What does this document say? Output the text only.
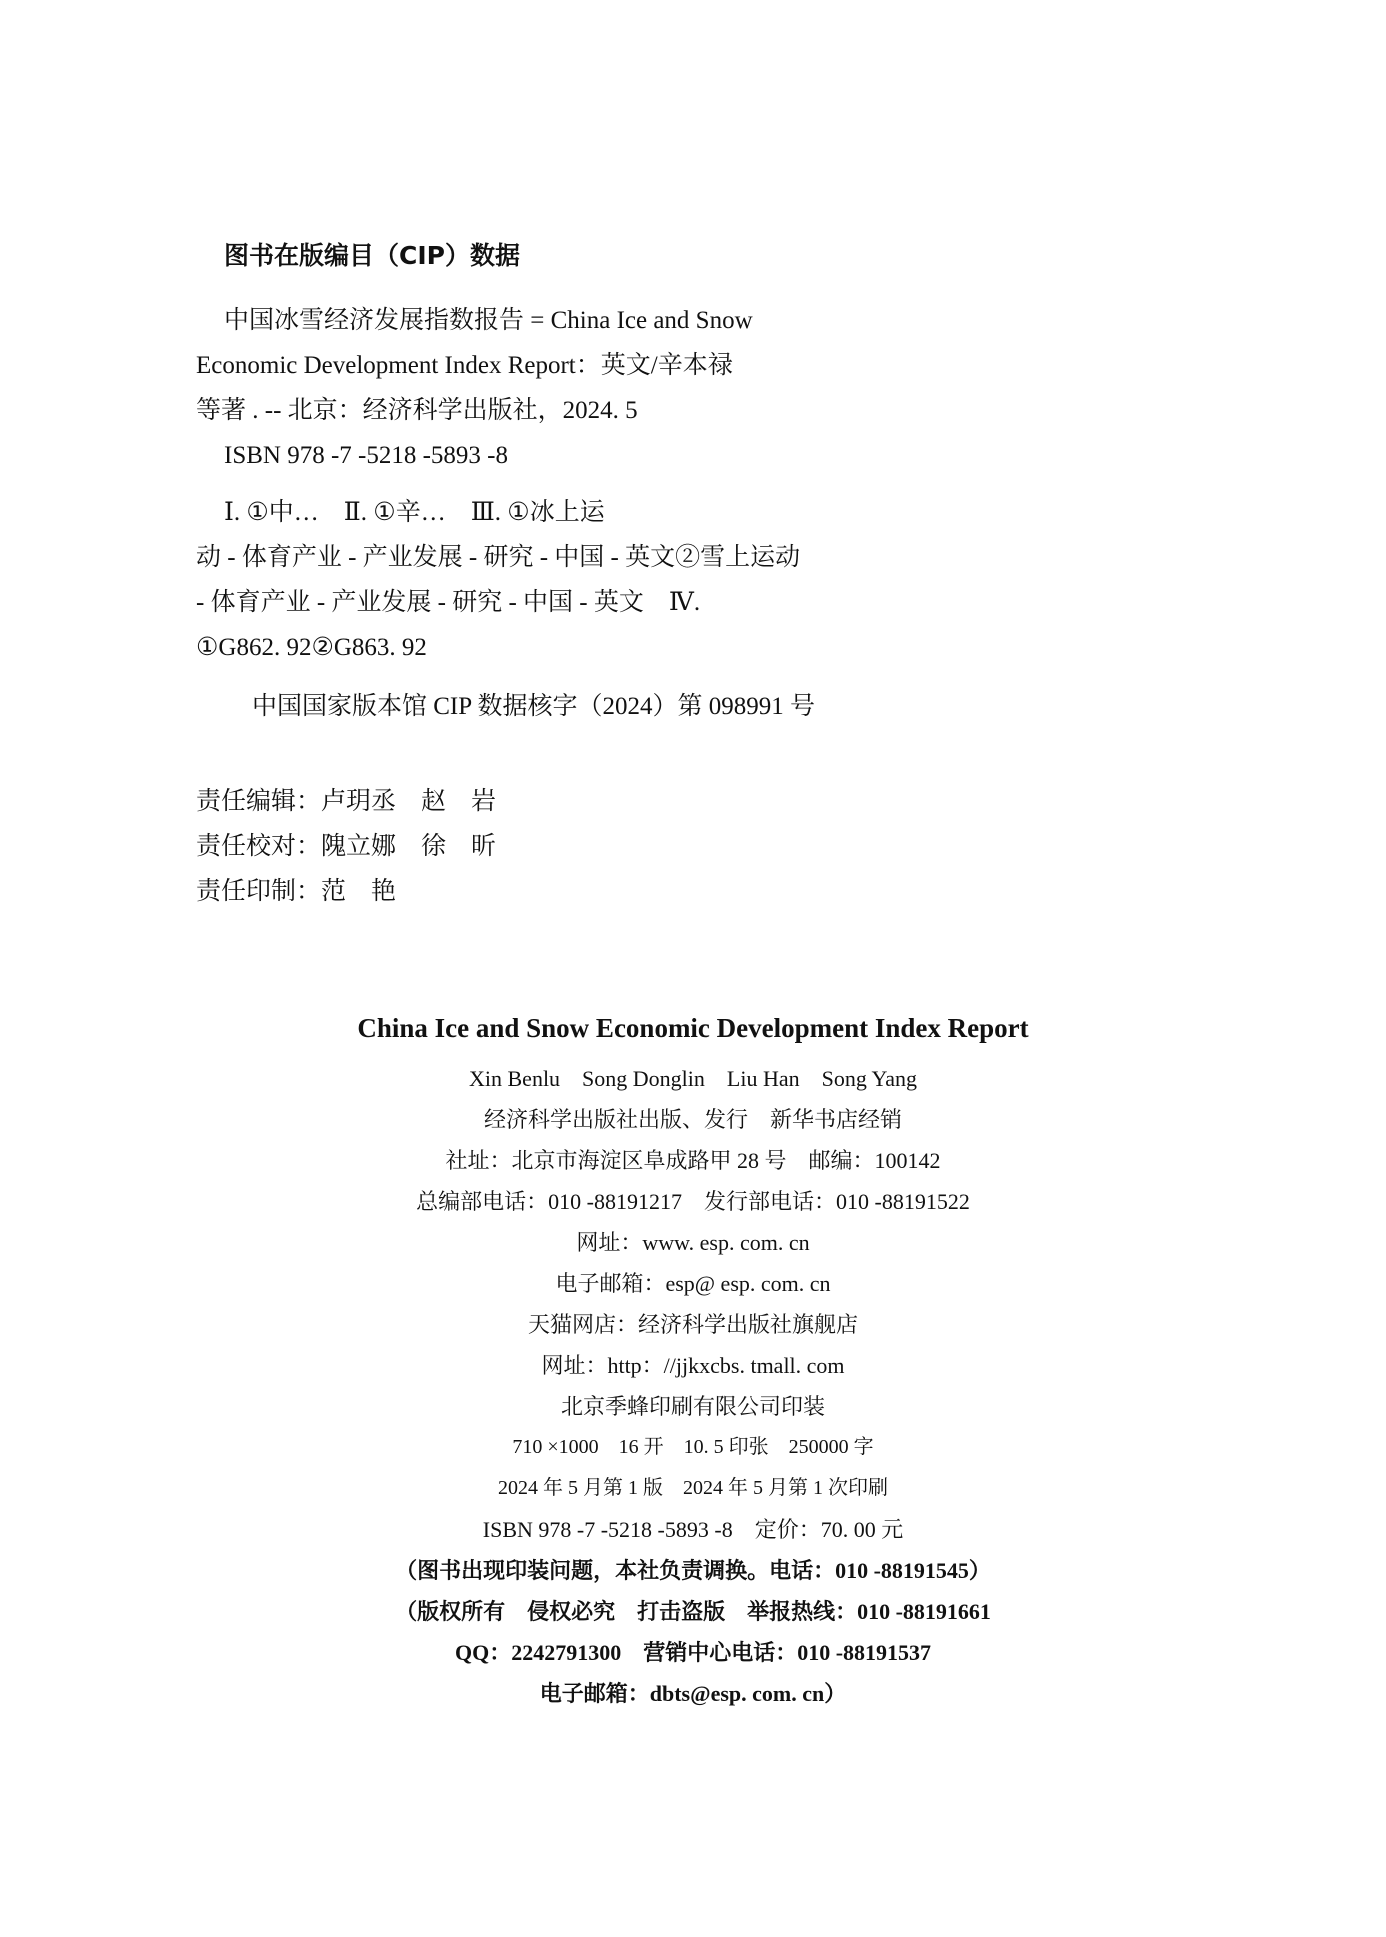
图书在版编目（CIP）数据

中国冰雪经济发展指数报告 = China Ice and Snow

Economic Development Index Report：英文/辛本禄

等著 . -- 北京：经济科学出版社，2024. 5

ISBN 978 -7 -5218 -5893 -8

Ⅰ. ①中…    Ⅱ. ①辛…    Ⅲ. ①冰上运

动 - 体育产业 - 产业发展 - 研究 - 中国 - 英文②雪上运动

- 体育产业 - 产业发展 - 研究 - 中国 - 英文    Ⅳ.

①G862. 92②G863. 92

中国国家版本馆 CIP 数据核字（2024）第 098991 号

责任编辑：卢玥丞    赵    岩

责任校对：隗立娜    徐    昕

责任印制：范    艳

China Ice and Snow Economic Development Index Report

Xin Benlu    Song Donglin    Liu Han    Song Yang

经济科学出版社出版、发行    新华书店经销

社址：北京市海淀区阜成路甲 28 号    邮编：100142

总编部电话：010 -88191217    发行部电话：010 -88191522

网址：www. esp. com. cn

电子邮箱：esp@ esp. com. cn

天猫网店：经济科学出版社旗舰店

网址：http：//jjkxcbs. tmall. com

北京季蜂印刷有限公司印装

710 ×1000    16 开    10. 5 印张    250000 字

2024 年 5 月第 1 版    2024 年 5 月第 1 次印刷

ISBN 978 -7 -5218 -5893 -8    定价：70. 00 元

（图书出现印装问题，本社负责调换。电话：010 -88191545）

（版权所有    侵权必究    打击盗版    举报热线：010 -88191661

QQ：2242791300    营销中心电话：010 -88191537

电子邮箱：dbts@esp. com. cn）
